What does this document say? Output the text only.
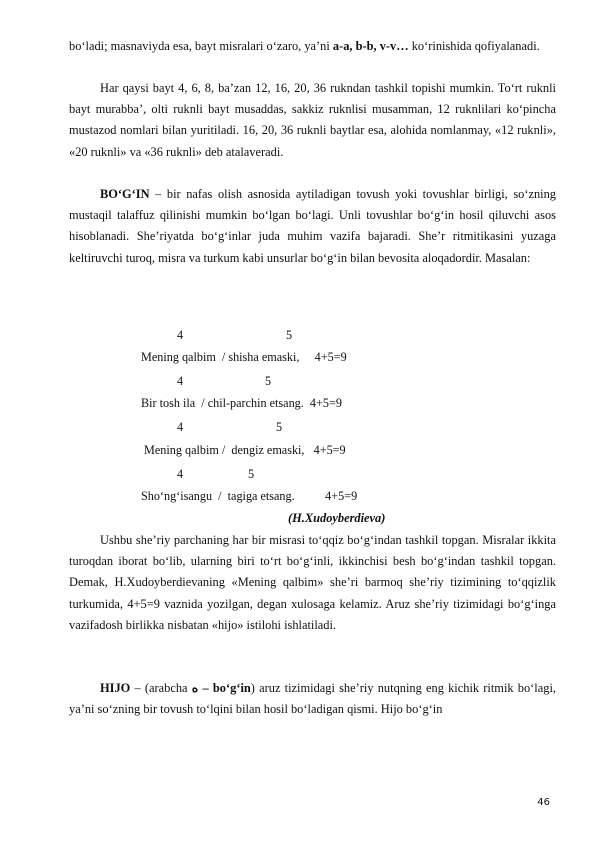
bo‘ladi; masnaviyda esa, bayt misralari o‘zaro, ya’ni a-a, b-b, v-v… ko‘rinishida qofiyalanadi.

Har qaysi bayt 4, 6, 8, ba’zan 12, 16, 20, 36 rukndan tashkil topishi mumkin. To‘rt ruknli bayt murabba’, olti ruknli bayt musaddas, sakkiz ruknlisi musamman, 12 ruknlilari ko‘pincha mustazod nomlari bilan yuritiladi. 16, 20, 36 ruknli baytlar esa, alohida nomlanmay, «12 ruknli», «20 ruknli» va «36 ruknli» deb atalaveradi.

BO‘G‘IN – bir nafas olish asnosida aytiladigan tovush yoki tovushlar birligi, so‘zning mustaqil talaffuz qilinishi mumkin bo‘lgan bo‘lagi. Unli tovushlar bo‘g‘in hosil qiluvchi asos hisoblanadi. She’riyatda bo‘g‘inlar juda muhim vazifa bajaradi. She’r ritmitikasini yuzaga keltiruvchi turoq, misra va turkum kabi unsurlar bo‘g‘in bilan bevosita aloqadordir. Masalan:

4	5

Mening qalbim  / shisha emaski,     4+5=9

4	5

Bir tosh ila  / chil-parchin etsang.  4+5=9

4	5

Mening qalbim /  dengiz emaski,   4+5=9

4	5

Sho‘ng‘isangu  /  tagiga etsang.          4+5=9

(H.Xudoyberdieva)

Ushbu she’riy parchaning har bir misrasi to‘qqiz bo‘g‘indan tashkil topgan. Misralar ikkita turoqdan iborat bo‘lib, ularning biri to‘rt bo‘g‘inli, ikkinchisi besh bo‘g‘indan tashkil topgan. Demak, H.Xudoyberdievaning «Mening qalbim» she’ri barmoq she’riy tizimining to‘qqizlik turkumida, 4+5=9 vaznida yozilgan, degan xulosaga kelamiz. Aruz she’riy tizimidagi bo‘g‘inga vazifadosh birlikka nisbatan «hijo» istilohi ishlatiladi.

HIJO – (arabcha ه – bo‘g‘in) aruz tizimidagi she’riy nutqning eng kichik ritmik bo‘lagi, ya’ni so‘zning bir tovush to‘lqini bilan hosil bo‘ladigan qismi. Hijo bo‘g‘in

46
